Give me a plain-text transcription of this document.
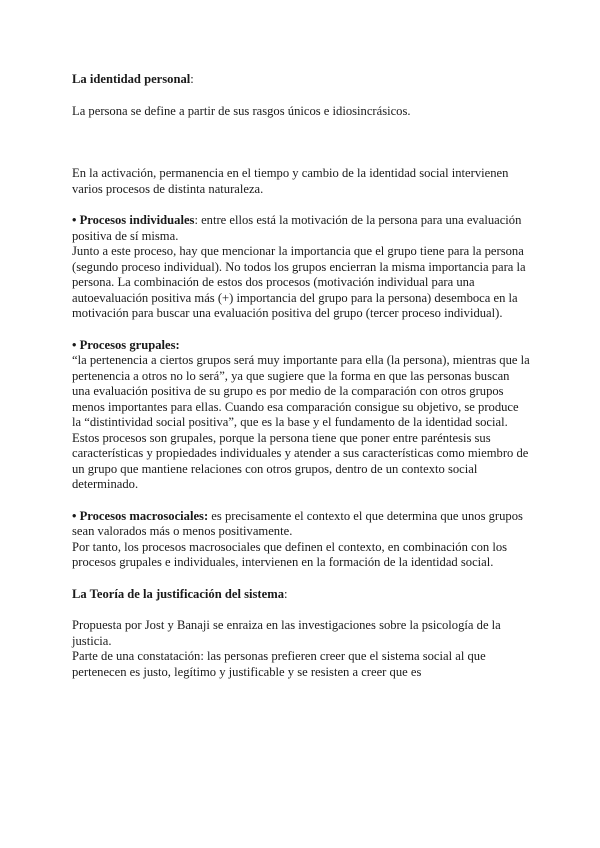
La identidad personal:

La persona se define a partir de sus rasgos únicos e idiosincrásicos.

En la activación, permanencia en el tiempo y cambio de la identidad social intervienen varios procesos de distinta naturaleza.

• Procesos individuales: entre ellos está la motivación de la persona para una evaluación positiva de sí misma.

Junto a este proceso, hay que mencionar la importancia que el grupo tiene para la persona (segundo proceso individual). No todos los grupos encierran la misma importancia para la persona. La combinación de estos dos procesos (motivación individual para una autoevaluación positiva más (+) importancia del grupo para la persona) desemboca en la motivación para buscar una evaluación positiva del grupo (tercer proceso individual).

• Procesos grupales:

“la pertenencia a ciertos grupos será muy importante para ella (la persona), mientras que la pertenencia a otros no lo será”, ya que sugiere que la forma en que las personas buscan una evaluación positiva de su grupo es por medio de la comparación con otros grupos menos importantes para ellas. Cuando esa comparación consigue su objetivo, se produce la “distintividad social positiva”, que es la base y el fundamento de la identidad social. Estos procesos son grupales, porque la persona tiene que poner entre paréntesis sus características y propiedades individuales y atender a sus características como miembro de un grupo que mantiene relaciones con otros grupos, dentro de un contexto social determinado.

• Procesos macrosociales: es precisamente el contexto el que determina que unos grupos sean valorados más o menos positivamente.

Por tanto, los procesos macrosociales que definen el contexto, en combinación con los procesos grupales e individuales, intervienen en la formación de la identidad social.

La Teoría de la justificación del sistema:

Propuesta por Jost y Banaji se enraiza en las investigaciones sobre la psicología de la justicia.

Parte de una constatación: las personas prefieren creer que el sistema social al que pertenecen es justo, legítimo y justificable y se resisten a creer que es
